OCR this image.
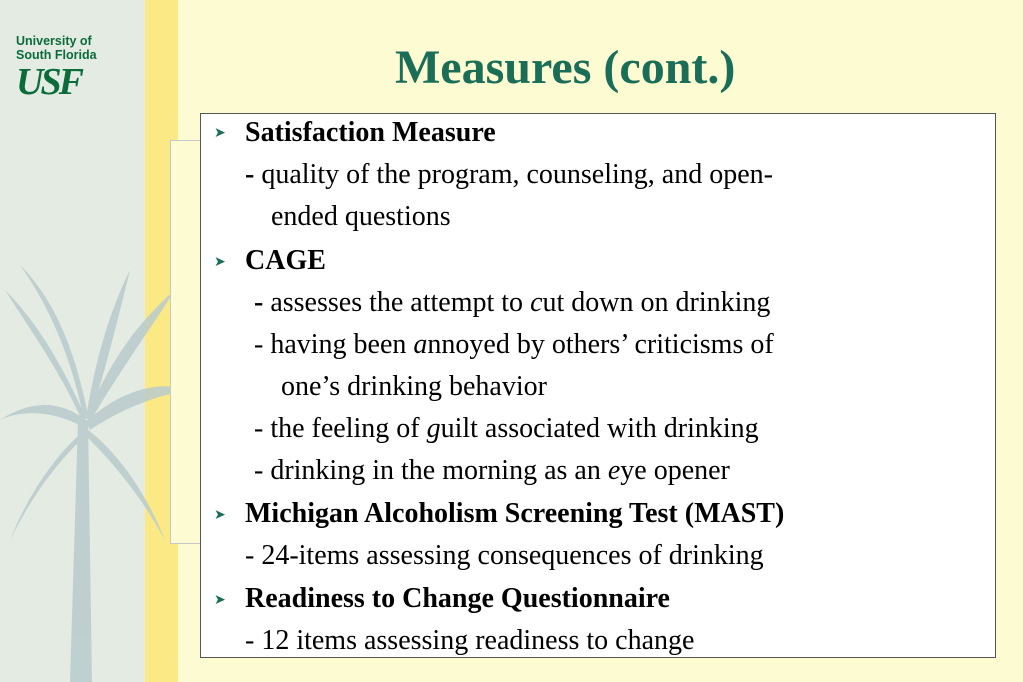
University of
South Florida
USF	Measures (cont.)
➤ Satisfaction Measure
- quality of the program, counseling, and open-
ended questions
➤ CAGE
- assesses the attempt to cut down on drinking
- having been annoyed by others’ criticisms of
one’s drinking behavior
- the feeling of guilt associated with drinking
- drinking in the morning as an eye opener
➤ Michigan Alcoholism Screening Test (MAST)
- 24-items assessing consequences of drinking
➤ Readiness to Change Questionnaire
- 12 items assessing readiness to change
